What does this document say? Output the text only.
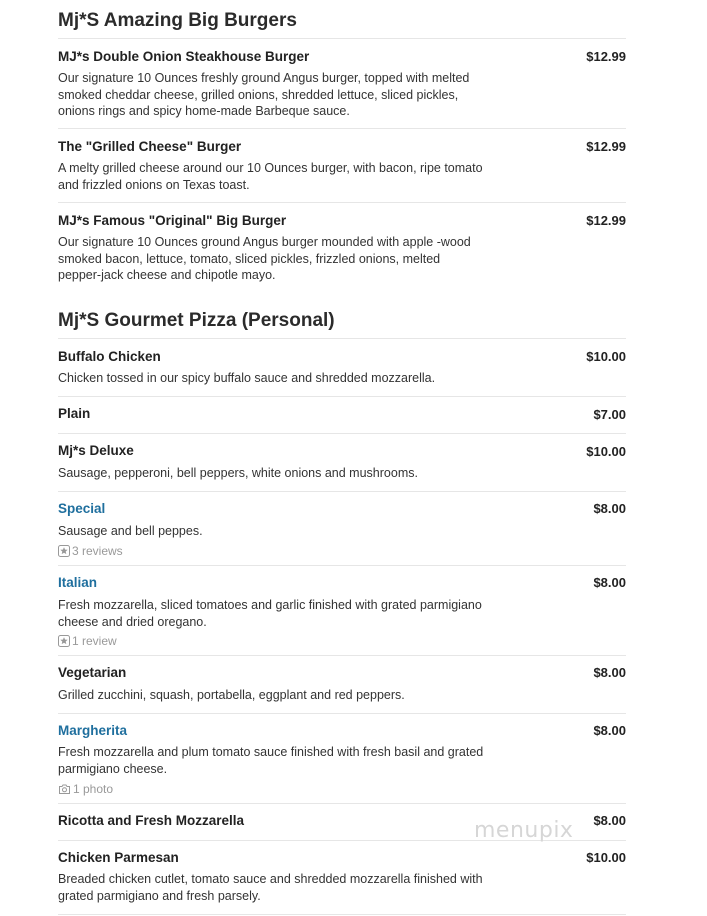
Mj*S Amazing Big Burgers
MJ*s Double Onion Steakhouse Burger	$12.99
Our signature 10 Ounces freshly ground Angus burger, topped with melted
smoked cheddar cheese, grilled onions, shredded lettuce, sliced pickles,
onions rings and spicy home-made Barbeque sauce.
The "Grilled Cheese" Burger	$12.99
A melty grilled cheese around our 10 Ounces burger, with bacon, ripe tomato
and frizzled onions on Texas toast.
MJ*s Famous "Original" Big Burger	$12.99
Our signature 10 Ounces ground Angus burger mounded with apple -wood
smoked bacon, lettuce, tomato, sliced pickles, frizzled onions, melted
pepper-jack cheese and chipotle mayo.
Mj*S Gourmet Pizza (Personal)
Buffalo Chicken	$10.00
Chicken tossed in our spicy buffalo sauce and shredded mozzarella.
Plain	$7.00
Mj*s Deluxe	$10.00
Sausage, pepperoni, bell peppers, white onions and mushrooms.
Special	$8.00
Sausage and bell peppes.
3 reviews
Italian	$8.00
Fresh mozzarella, sliced tomatoes and garlic finished with grated parmigiano
cheese and dried oregano.
1 review
Vegetarian	$8.00
Grilled zucchini, squash, portabella, eggplant and red peppers.
Margherita	$8.00
Fresh mozzarella and plum tomato sauce finished with fresh basil and grated
parmigiano cheese.
1 photo
Ricotta and Fresh Mozzarella	$8.00
Chicken Parmesan	$10.00
Breaded chicken cutlet, tomato sauce and shredded mozzarella finished with
grated parmigiano and fresh parsely.
menupix
